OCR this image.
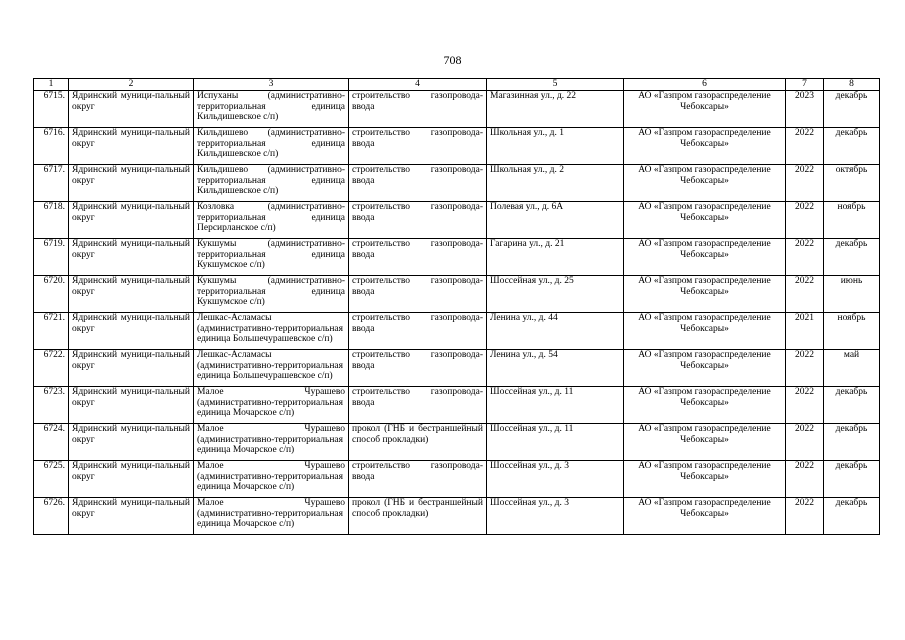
708
1	2	3	4	5	6	7	8
6715.	Ядринский муници-пальный округ	Испуханы (административно-территориальная единица Кильдишевское с/п)	строительство газопровода-ввода	Магазинная ул., д. 22	АО «Газпром газораспределение Чебоксары»	2023	декабрь
6716.	Ядринский муници-пальный округ	Кильдишево (административно-территориальная единица Кильдишевское с/п)	строительство газопровода-ввода	Школьная ул., д. 1	АО «Газпром газораспределение Чебоксары»	2022	декабрь
6717.	Ядринский муници-пальный округ	Кильдишево (административно-территориальная единица Кильдишевское с/п)	строительство газопровода-ввода	Школьная ул., д. 2	АО «Газпром газораспределение Чебоксары»	2022	октябрь
6718.	Ядринский муници-пальный округ	Козловка (административно-территориальная единица Персирланское с/п)	строительство газопровода-ввода	Полевая ул., д. 6А	АО «Газпром газораспределение Чебоксары»	2022	ноябрь
6719.	Ядринский муници-пальный округ	Кукшумы (административно-территориальная единица Кукшумское с/п)	строительство газопровода-ввода	Гагарина ул., д. 21	АО «Газпром газораспределение Чебоксары»	2022	декабрь
6720.	Ядринский муници-пальный округ	Кукшумы (административно-территориальная единица Кукшумское с/п)	строительство газопровода-ввода	Шоссейная ул., д. 25	АО «Газпром газораспределение Чебоксары»	2022	июнь
6721.	Ядринский муници-пальный округ	Лешкас-Асламасы (административно-территориальная единица Большечурашевское с/п)	строительство газопровода-ввода	Ленина ул., д. 44	АО «Газпром газораспределение Чебоксары»	2021	ноябрь
6722.	Ядринский муници-пальный округ	Лешкас-Асламасы (административно-территориальная единица Большечурашевское с/п)	строительство газопровода-ввода	Ленина ул., д. 54	АО «Газпром газораспределение Чебоксары»	2022	май
6723.	Ядринский муници-пальный округ	Малое Чурашево (административно-территориальная единица Мочарское с/п)	строительство газопровода-ввода	Шоссейная ул., д. 11	АО «Газпром газораспределение Чебоксары»	2022	декабрь
6724.	Ядринский муници-пальный округ	Малое Чурашево (административно-территориальная единица Мочарское с/п)	прокол (ГНБ и бестраншейный способ прокладки)	Шоссейная ул., д. 11	АО «Газпром газораспределение Чебоксары»	2022	декабрь
6725.	Ядринский муници-пальный округ	Малое Чурашево (административно-территориальная единица Мочарское с/п)	строительство газопровода-ввода	Шоссейная ул., д. 3	АО «Газпром газораспределение Чебоксары»	2022	декабрь
6726.	Ядринский муници-пальный округ	Малое Чурашево (административно-территориальная единица Мочарское с/п)	прокол (ГНБ и бестраншейный способ прокладки)	Шоссейная ул., д. 3	АО «Газпром газораспределение Чебоксары»	2022	декабрь
